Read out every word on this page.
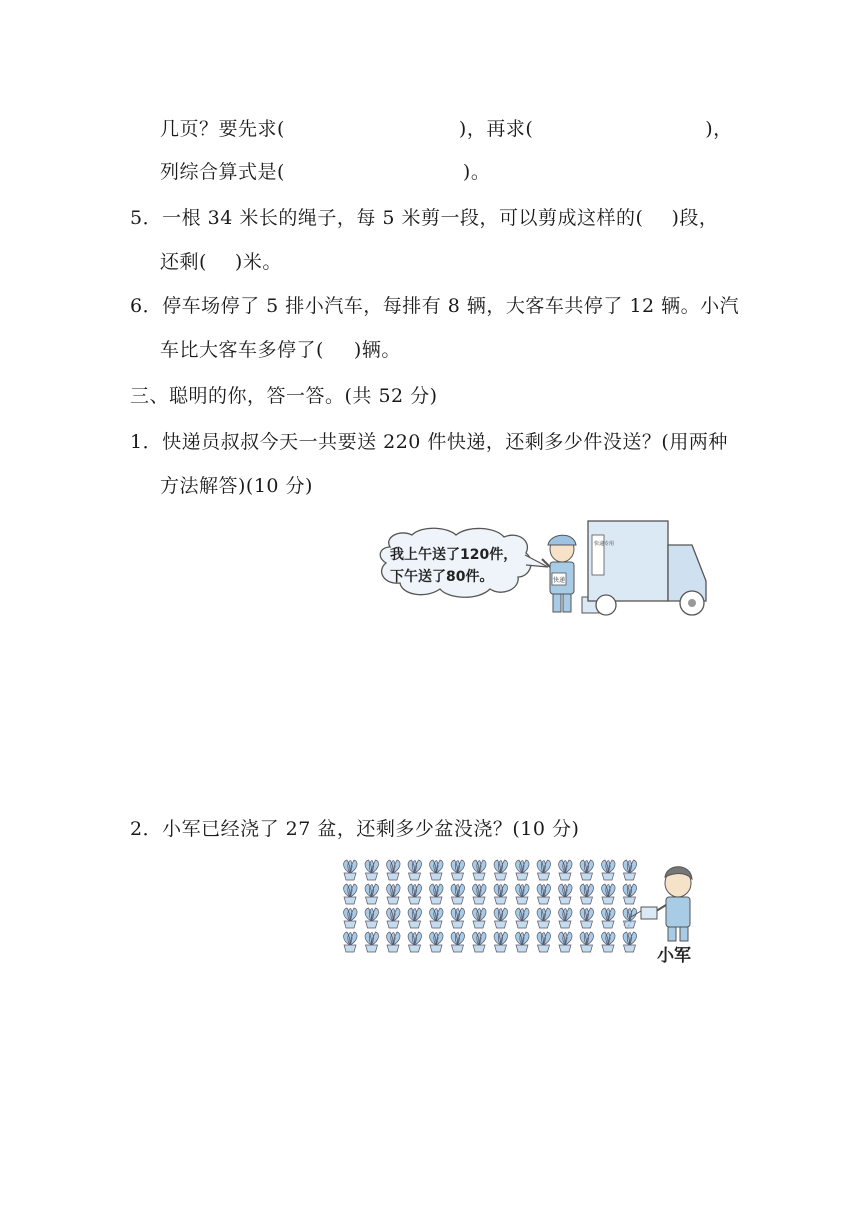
几页？要先求(	)，再求(	)，
列综合算式是(	)。
5．一根 34 米长的绳子，每 5 米剪一段，可以剪成这样的( )段，
还剩( )米。
6．停车场停了 5 排小汽车，每排有 8 辆，大客车共停了 12 辆。小汽
车比大客车多停了( )辆。
三、聪明的你，答一答。(共 52 分)
1．快递员叔叔今天一共要送 220 件快递，还剩多少件没送？(用两种
方法解答)(10 分)
我上午送了120件，
下午送了80件。	快递
快递专用
2．小军已经浇了 27 盆，还剩多少盆没浇？(10 分)
小军
